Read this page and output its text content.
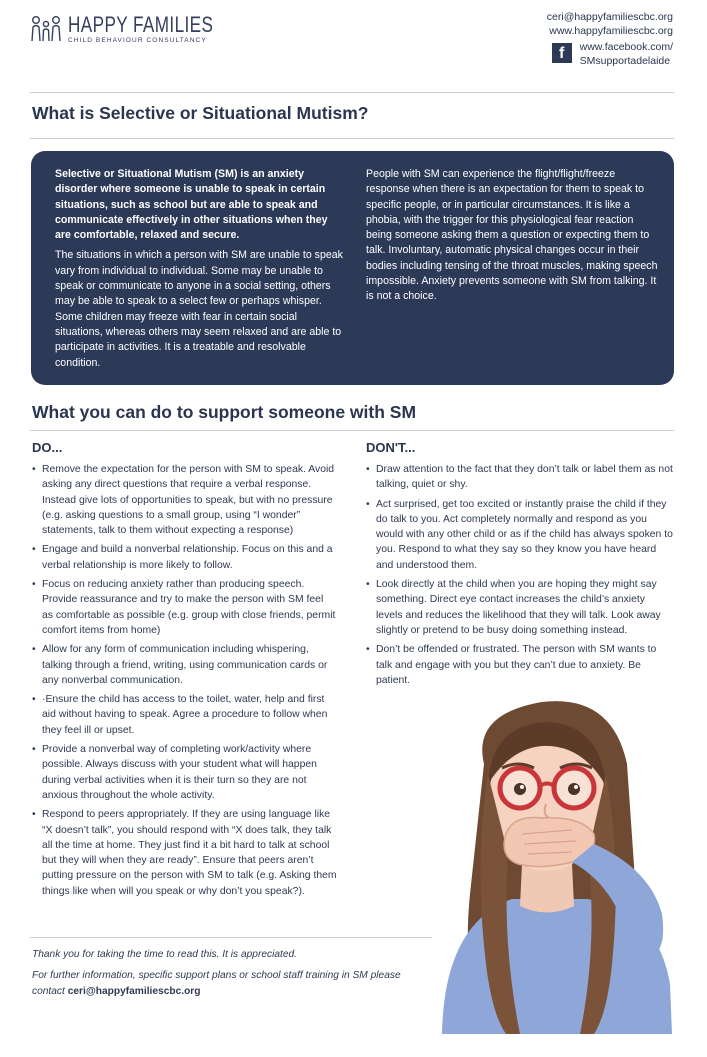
HAPPY FAMILIES
CHILD BEHAVIOUR CONSULTANCY
ceri@happyfamiliescbc.org
www.happyfamiliescbc.org
f	www.facebook.com/
SMsupportadelaide
What is Selective or Situational Mutism?

Selective or Situational Mutism (SM) is an anxiety disorder where someone is unable to speak in certain situations, such as school but are able to speak and communicate effectively in other situations when they are comfortable, relaxed and secure.

The situations in which a person with SM are unable to speak vary from individual to individual. Some may be unable to speak or communicate to anyone in a social setting, others may be able to speak to a select few or perhaps whisper. Some children may freeze with fear in certain social situations, whereas others may seem relaxed and are able to participate in activities. It is a treatable and resolvable condition.

People with SM can experience the flight/flight/freeze response when there is an expectation for them to speak to specific people, or in particular circumstances. It is like a phobia, with the trigger for this physiological fear reaction being someone asking them a question or expecting them to talk. Involuntary, automatic physical changes occur in their bodies including tensing of the throat muscles, making speech impossible. Anxiety prevents someone with SM from talking. It is not a choice.

What you can do to support someone with SM
DO...	DON'T...
• Remove the expectation for the person with SM to speak. Avoid asking any direct questions that require a verbal response. Instead give lots of opportunities to speak, but with no pressure (e.g. asking questions to a small group, using “I wonder” statements, talk to them without expecting a response)
• Engage and build a nonverbal relationship. Focus on this and a verbal relationship is more likely to follow.
• Focus on reducing anxiety rather than producing speech. Provide reassurance and try to make the person with SM feel as comfortable as possible (e.g. group with close friends, permit comfort items from home)
• Allow for any form of communication including whispering, talking through a friend, writing, using communication cards or any nonverbal communication.
• ·Ensure the child has access to the toilet, water, help and first aid without having to speak. Agree a procedure to follow when they feel ill or upset.
• Provide a nonverbal way of completing work/activity where possible. Always discuss with your student what will happen during verbal activities when it is their turn so they are not anxious throughout the whole activity.
• Respond to peers appropriately. If they are using language like “X doesn’t talk”, you should respond with “X does talk, they talk all the time at home. They just find it a bit hard to talk at school but they will when they are ready”. Ensure that peers aren’t putting pressure on the person with SM to talk (e.g. Asking them things like when will you speak or why don’t you speak?).
• Draw attention to the fact that they don’t talk or label them as not talking, quiet or shy.
• Act surprised, get too excited or instantly praise the child if they do talk to you. Act completely normally and respond as you would with any other child or as if the child has always spoken to you. Respond to what they say so they know you have heard and understood them.
• Look directly at the child when you are hoping they might say something. Direct eye contact increases the child’s anxiety levels and reduces the likelihood that they will talk. Look away slightly or pretend to be busy doing something instead.
• Don’t be offended or frustrated. The person with SM wants to talk and engage with you but they can’t due to anxiety. Be patient.

Thank you for taking the time to read this. It is appreciated.

For further information, specific support plans or school staff training in SM please contact ceri@happyfamiliescbc.org
